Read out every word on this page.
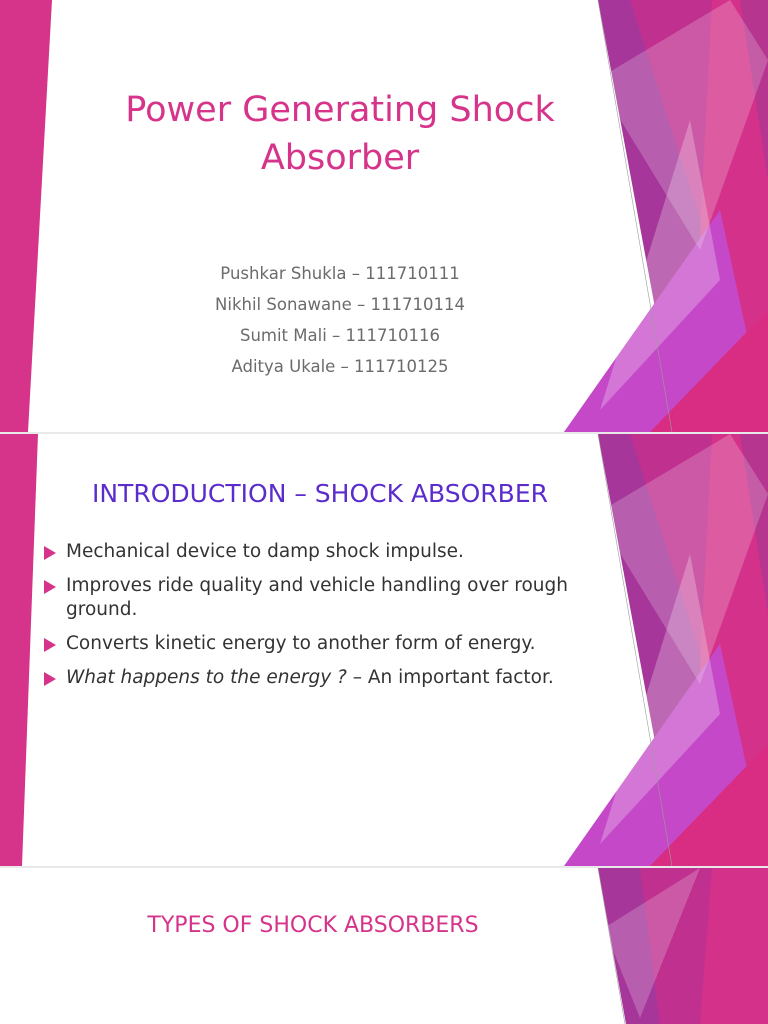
Power Generating Shock Absorber
Pushkar Shukla – 111710111
Nikhil Sonawane – 111710114
Sumit Mali – 111710116
Aditya Ukale – 111710125
INTRODUCTION – SHOCK ABSORBER
Mechanical device to damp shock impulse.
Improves ride quality and vehicle handling over rough ground.
Converts kinetic energy to another form of energy.
What happens to the energy ? – An important factor.
TYPES OF SHOCK ABSORBERS
